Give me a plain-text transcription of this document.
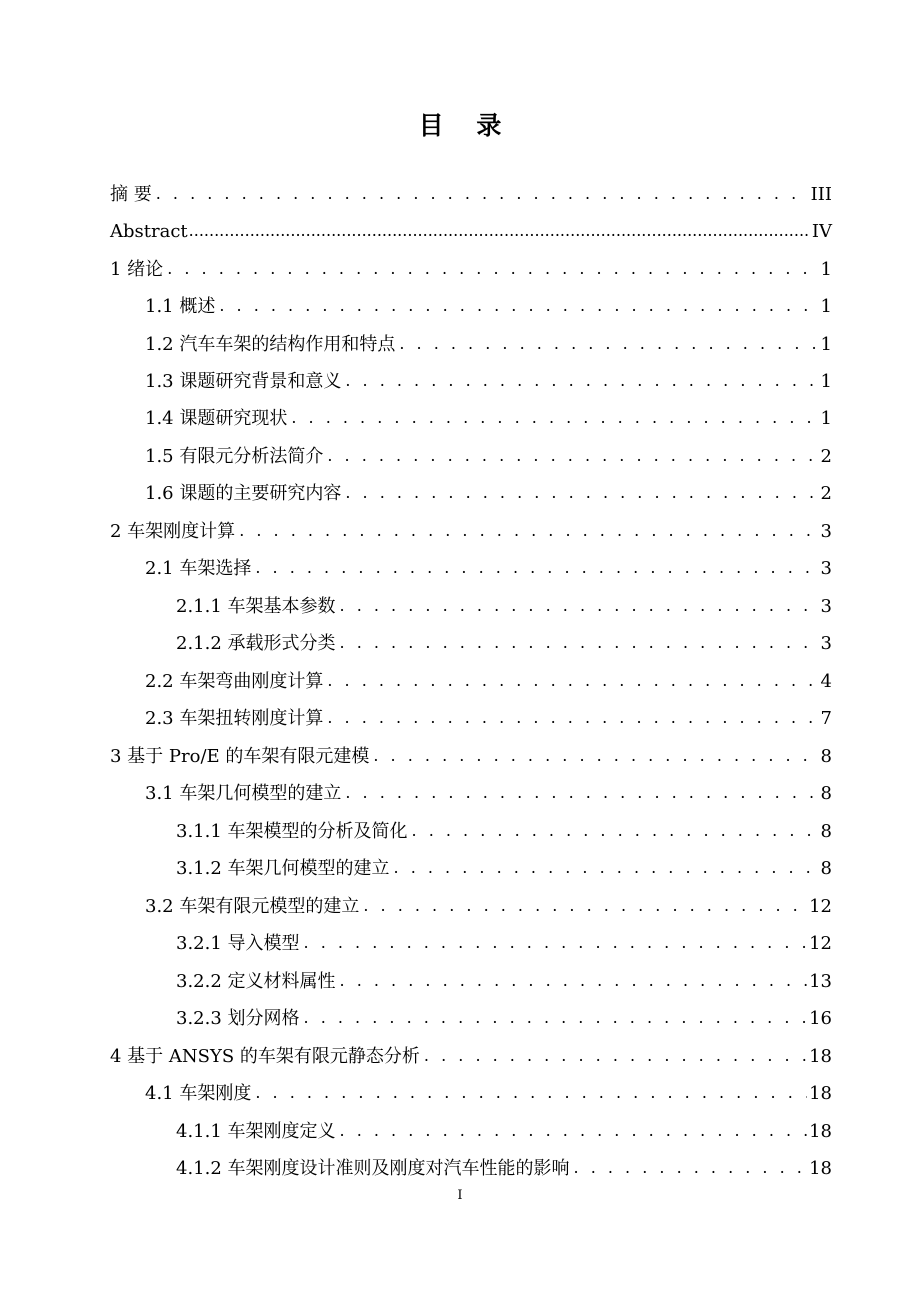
目 录
摘 要 . . .	III
Abstract .....	IV
1 绪论 . . .	1
1.1 概述 . . .	1
1.2 汽车车架的结构作用和特点 . . .	1
1.3 课题研究背景和意义 . . .	1
1.4 课题研究现状 . . .	1
1.5 有限元分析法简介 . . .	2
1.6 课题的主要研究内容 . . .	2
2 车架刚度计算 . . .	3
2.1 车架选择 . . .	3
2.1.1 车架基本参数 . . .	3
2.1.2 承载形式分类 . . .	3
2.2 车架弯曲刚度计算 . . .	4
2.3 车架扭转刚度计算 . . .	7
3 基于 Pro/E 的车架有限元建模 . . .	8
3.1 车架几何模型的建立 . . .	8
3.1.1 车架模型的分析及简化 . . .	8
3.1.2 车架几何模型的建立 . . .	8
3.2 车架有限元模型的建立 . . .	12
3.2.1 导入模型 . . .	12
3.2.2 定义材料属性 . . .	13
3.2.3 划分网格 . . .	16
4 基于 ANSYS 的车架有限元静态分析 . . .	18
4.1 车架刚度 . . .	18
4.1.1 车架刚度定义 . . .	18
4.1.2 车架刚度设计准则及刚度对汽车性能的影响 . . .	18
I
